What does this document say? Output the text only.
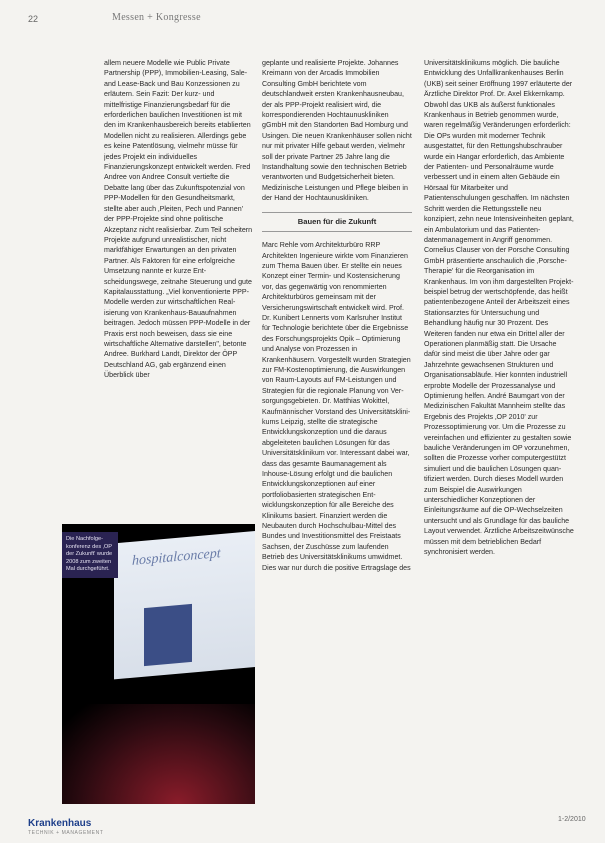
22	Messen + Kongresse

allem neuere Modelle wie Public Private Partnership (PPP), Immobilien-Leasing, Sale-and Lease-Back und Bau Konzessionen zu erläutern. Sein Fazit: Der kurz- und mittelfristige Finanzierungsbedarf für die erforderlichen baulichen Investitionen ist mit den im Krankenhausbereich bereits etablierten Modellen nicht zu realisieren. Allerdings gebe es keine Patentlösung, vielmehr müsse für jedes Projekt ein individuelles Finanzierungskonzept entwickelt werden. Fred Andree von Andree Consult vertiefte die Debatte lang über das Zukunftspotenzial von PPP-Modellen für den Gesundheitsmarkt, stellte aber auch ‚Pleiten, Pech und Pannen' der PPP-Projekte sind ohne politische Akzeptanz nicht realisierbar. Zum Teil scheitern Projekte aufgrund unrealistischer, nicht marktfähiger Erwartungen an den privaten Partner. Als Faktoren für eine erfolgreiche Umsetzung nannte er kurze Entscheidungswege, zeitnahe Steuerung und gute Kapitalausstattung. „Viel konventionierte PPP-Modelle werden zur wirtschaftlichen Realisierung von Krankenhaus-Bauaufnahmen beitragen. Jedoch müssen PPP-Modelle in der Praxis erst noch beweisen, dass sie eine wirtschaftliche Alternative darstellen", betonte Andree. Burkhard Landt, Direktor der ÖPP Deutschland AG, gab ergänzend einen Überblick über

geplante und realisierte Projekte. Johannes Kreimann von der Arcadis Immobilien Consulting GmbH berichtete vom deutschlandweit ersten Krankenhausneubau, der als PPP-Projekt realisiert wird, die korrespondierenden Hochtaunuskliniken gGmbH mit den Standorten Bad Homburg und Usingen. Die neuen Krankenhäuser sollen nicht nur mit privater Hilfe gebaut werden, vielmehr soll der private Partner 25 Jahre lang die Instandhaltung sowie den technischen Betrieb verantworten und Budgetsicherheit bieten. Medizinische Leistungen und Pflege bleiben in der Hand der Hochtaunuskliniken.

Bauen für die Zukunft

Marc Rehle vom Architekturbüro RRP Architekten Ingenieure wirkte vom Finanzieren zum Thema Bauen über. Er stellte ein neues Konzept einer Termin- und Kostensicherung vor, das gegenwärtig von renommierten Architekturbüros gemeinsam mit der Versicherungswirtschaft entwickelt wird. Prof. Dr. Kunibert Lennerts vom Karlsruher Institut für Technologie berichtete über die Ergebnisse des Forschungsprojekts Opik – Optimierung und Analyse von Prozessen in Krankenhäusern. Vorgestellt wurden Strategien zur FM-Kostenoptimierung, die Auswirkungen von Raum-Layouts auf FM-Leistungen und Strategien für die regionale Planung von Versorgungsgebieten. Dr. Matthias Wokittel, Kaufmännischer Vorstand des Universitätsklinikums Leipzig, stellte die strategische Entwicklungskonzeption und die daraus abgeleiteten baulichen Lösungen für das Universitätsklinikum vor. Interessant dabei war, dass das gesamte Baumanagement als Inhouse-Lösung erfolgt und die baulichen Entwicklungskonzeptionen auf einer portfoliobasierten strategischen Entwicklungskonzeption für alle Bereiche des Klinikums basiert. Finanziert werden die Neubauten durch Hochschulbau-Mittel des Bundes und Investitionsmittel des Freistaats Sachsen, der Zuschüsse zum laufenden Betrieb des Universitätsklinikums umwidmet. Dies war nur durch die positive Ertragslage des

Universitätsklinikums möglich. Die bauliche Entwicklung des Unfallkrankenhauses Berlin (UKB) seit seiner Eröffnung 1997 erläuterte der Ärztliche Direktor Prof. Dr. Axel Ekkernkamp. Obwohl das UKB als äußerst funktionales Krankenhaus in Betrieb genommen wurde, waren regelmäßig Veränderungen erforderlich: Die OPs wurden mit moderner Technik ausgestattet, für den Rettungshubschrauber wurde ein Hangar erforderlich, das Ambiente der Patienten- und Personalräume wurde verbessert und in einem alten Gebäude ein Hörsaal für Mitarbeiter und Patientenschulungen geschaffen. Im nächsten Schritt werden die Rettungsstelle neu konzipiert, zehn neue Intensiveinheiten geplant, ein Ambulatorium und das Patientendatenmanagement in Angriff genommen. Cornelius Clauser von der Porsche Consulting GmbH präsentierte anschaulich die ‚Porsche-Therapie' für die Reorganisation im Krankenhaus. Im von ihm dargestellten Projektbeispiel betrug der wertschöpfende, das heißt patientenbezogene Anteil der Arbeitszeit eines Stationsarztes für Untersuchung und Behandlung häufig nur 30 Prozent. Des Weiteren fanden nur etwa ein Drittel aller der Operationen planmäßig statt. Die Ursache dafür sind meist die über Jahre oder gar Jahrzehnte gewachsenen Strukturen und Organisationsabläufe. Hier konnten industriell erprobte Modelle der Prozessanalyse und Optimierung helfen. André Baumgart von der Medizinischen Fakultät Mannheim stellte das Ergebnis des Projekts ‚OP 2010' zur Prozessoptimierung vor. Um die Prozesse zu vereinfachen und effizienter zu gestalten sowie bauliche Veränderungen im OP vorzunehmen, sollten die Prozesse vorher computergestützt simuliert und die baulichen Lösungen quantifiziert werden. Durch dieses Modell wurden zum Beispiel die Auswirkungen unterschiedlicher Konzeptionen der Einleitungsräume auf die OP-Wechselzeiten untersucht und als Grundlage für das bauliche Layout verwendet. Ärztliche Arbeitszeitwünsche müssen mit dem betrieblichen Bedarf synchronisiert werden.

hospitalconcept
Die Nachfolgekonferenz des ‚OP der Zukunft' wurde 2008 zum zweiten Mal durchgeführt.
Krankenhaus
TECHNIK + MANAGEMENT
1-2/2010
